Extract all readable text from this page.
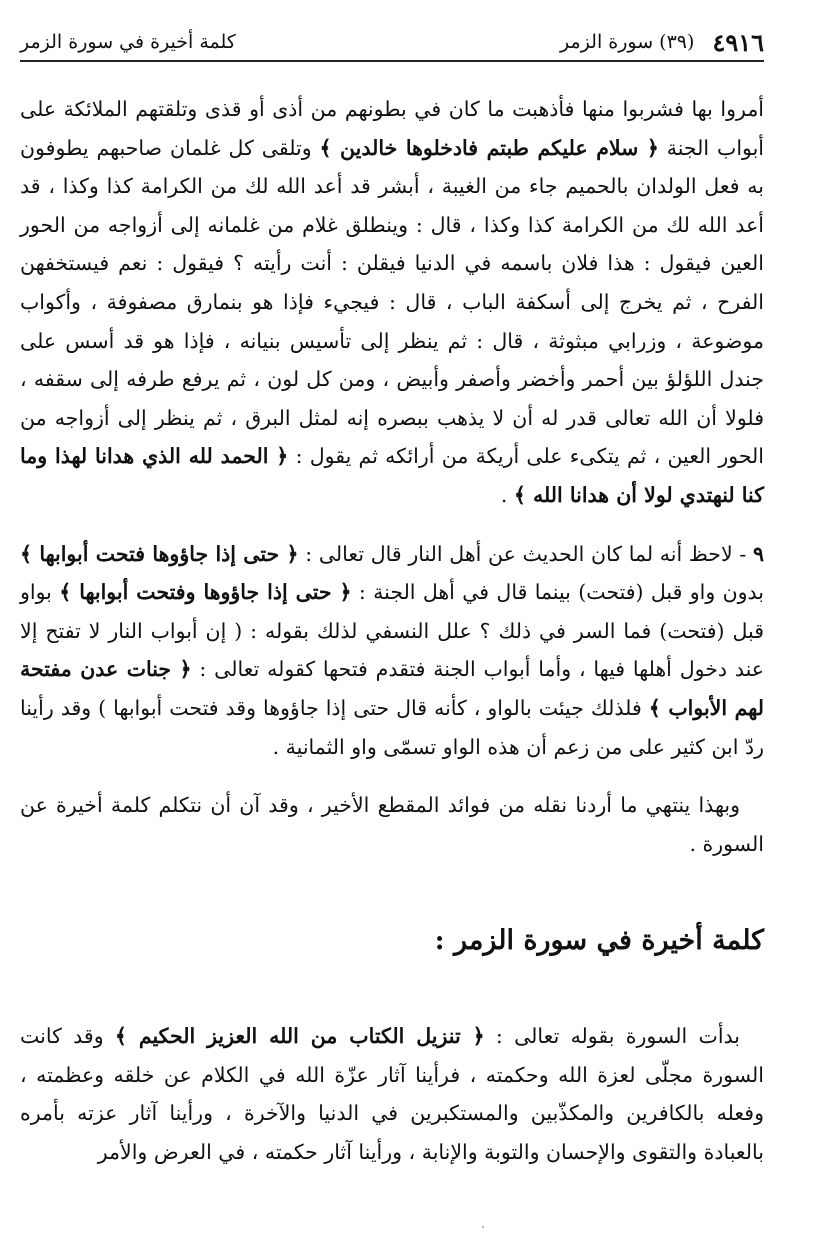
٤٩١٦
(٣٩) سورة الزمر
كلمة أخيرة في سورة الزمر

أمروا بها فشربوا منها فأذهبت ما كان في بطونهم من أذى أو قذى وتلقتهم الملائكة على أبواب الجنة ﴿ سلام عليكم طبتم فادخلوها خالدين ﴾ وتلقى كل غلمان صاحبهم يطوفون به فعل الولدان بالحميم جاء من الغيبة ، أبشر قد أعد الله لك من الكرامة كذا وكذا ، قد أعد الله لك من الكرامة كذا وكذا ، قال : وينطلق غلام من غلمانه إلى أزواجه من الحور العين فيقول : هذا فلان باسمه في الدنيا فيقلن : أنت رأيته ؟ فيقول : نعم فيستخفهن الفرح ، ثم يخرج إلى أسكفة الباب ، قال : فيجيء فإذا هو بنمارق مصفوفة ، وأكواب موضوعة ، وزرابي مبثوثة ، قال : ثم ينظر إلى تأسيس بنيانه ، فإذا هو قد أسس على جندل اللؤلؤ بين أحمر وأخضر وأصفر وأبيض ، ومن كل لون ، ثم يرفع طرفه إلى سقفه ، فلولا أن الله تعالى قدر له أن لا يذهب ببصره إنه لمثل البرق ، ثم ينظر إلى أزواجه من الحور العين ، ثم يتكىء على أريكة من أرائكه ثم يقول : ﴿ الحمد لله الذي هدانا لهذا وما كنا لنهتدي لولا أن هدانا الله ﴾ .

٩ - لاحظ أنه لما كان الحديث عن أهل النار قال تعالى : ﴿ حتى إذا جاؤوها فتحت أبوابها ﴾ بدون واو قبل (فتحت) بينما قال في أهل الجنة : ﴿ حتى إذا جاؤوها وفتحت أبوابها ﴾ بواو قبل (فتحت) فما السر في ذلك ؟ علل النسفي لذلك بقوله : ( إن أبواب النار لا تفتح إلا عند دخول أهلها فيها ، وأما أبواب الجنة فتقدم فتحها كقوله تعالى : ﴿ جنات عدن مفتحة لهم الأبواب ﴾ فلذلك جيئت بالواو ، كأنه قال حتى إذا جاؤوها وقد فتحت أبوابها ) وقد رأينا ردّ ابن كثير على من زعم أن هذه الواو تسمّى واو الثمانية .

وبهذا ينتهي ما أردنا نقله من فوائد المقطع الأخير ، وقد آن أن نتكلم كلمة أخيرة عن السورة .

كلمة أخيرة في سورة الزمر :

بدأت السورة بقوله تعالى : ﴿ تنزيل الكتاب من الله العزيز الحكيم ﴾ وقد كانت السورة مجلّى لعزة الله وحكمته ، فرأينا آثار عزّة الله في الكلام عن خلقه وعظمته ، وفعله بالكافرين والمكذّبين والمستكبرين في الدنيا والآخرة ، ورأينا آثار عزته بأمره بالعبادة والتقوى والإحسان والتوبة والإنابة ، ورأينا آثار حكمته ، في العرض والأمر
